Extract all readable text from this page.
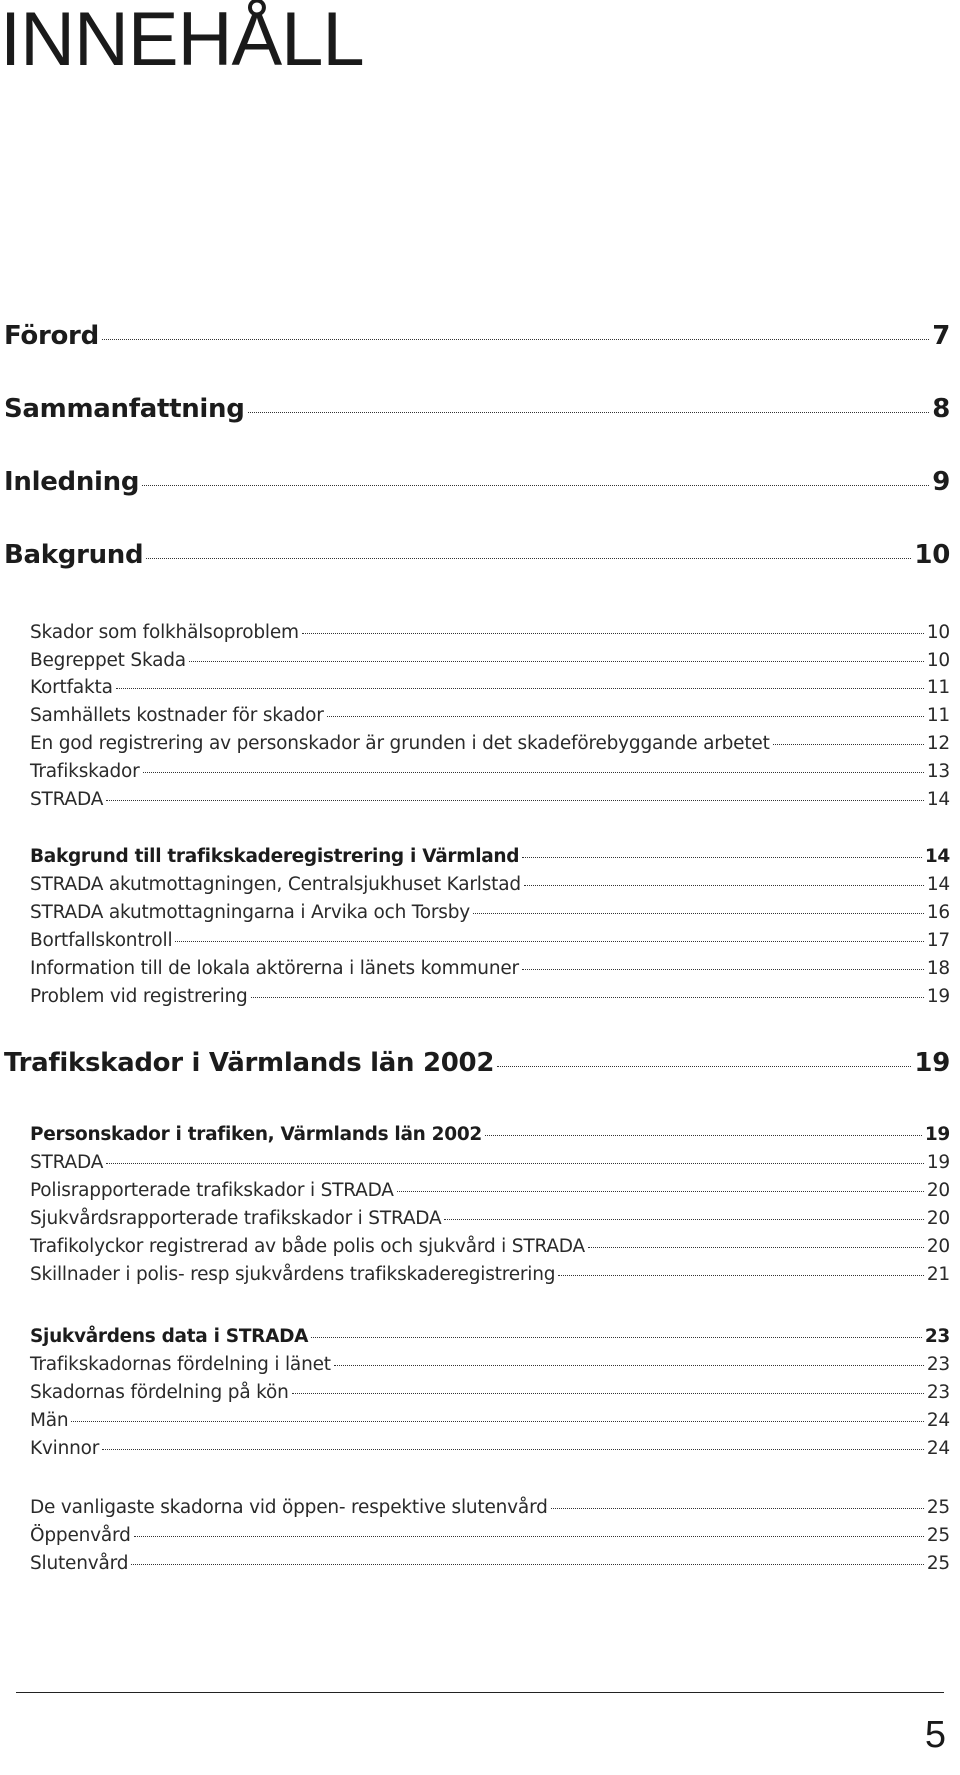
INNEHÅLL
Förord	7
Sammanfattning	8
Inledning	9
Bakgrund	10
Skador som folkhälsoproblem	10
Begreppet Skada	10
Kortfakta	11
Samhällets kostnader för skador	11
En god registrering av personskador är grunden i det skadeförebyggande arbetet	12
Trafikskador	13
STRADA	14
Bakgrund till trafikskaderegistrering i Värmland	14
STRADA akutmottagningen, Centralsjukhuset Karlstad	14
STRADA akutmottagningarna i Arvika och Torsby	16
Bortfallskontroll	17
Information till de lokala aktörerna i länets kommuner	18
Problem vid registrering	19
Trafikskador i Värmlands län 2002	19
Personskador i trafiken, Värmlands län 2002	19
STRADA	19
Polisrapporterade trafikskador i STRADA	20
Sjukvårdsrapporterade trafikskador i STRADA	20
Trafikolyckor registrerad av både polis och sjukvård i STRADA	20
Skillnader i polis- resp sjukvårdens trafikskaderegistrering	21
Sjukvårdens data i STRADA	23
Trafikskadornas fördelning i länet	23
Skadornas fördelning på kön	23
Män	24
Kvinnor	24
De vanligaste skadorna vid öppen- respektive slutenvård	25
Öppenvård	25
Slutenvård	25
5
